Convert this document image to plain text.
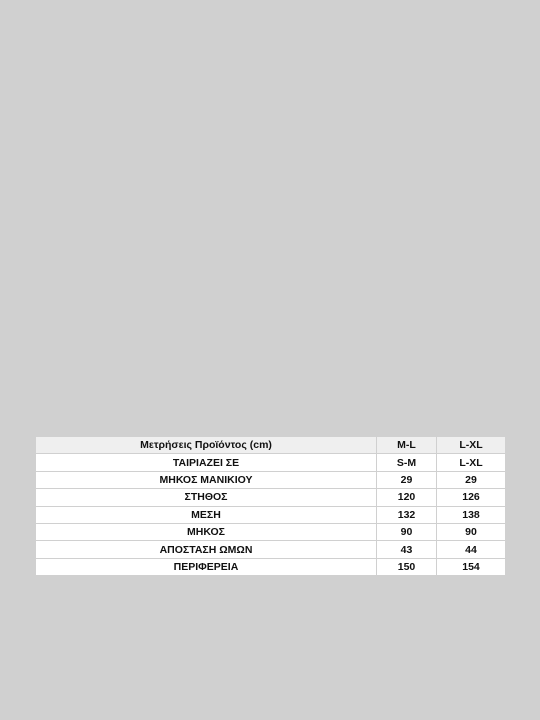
Μετρήσεις Προϊόντος (cm)	M-L	L-XL
ΤΑΙΡΙΑΖΕΙ ΣΕ	S-M	L-XL
ΜΗΚΟΣ ΜΑΝΙΚΙΟΥ	29	29
ΣΤΗΘΟΣ	120	126
ΜΕΣΗ	132	138
ΜΗΚΟΣ	90	90
ΑΠΟΣΤΑΣΗ ΩΜΩΝ	43	44
ΠΕΡΙΦΕΡΕΙΑ	150	154
